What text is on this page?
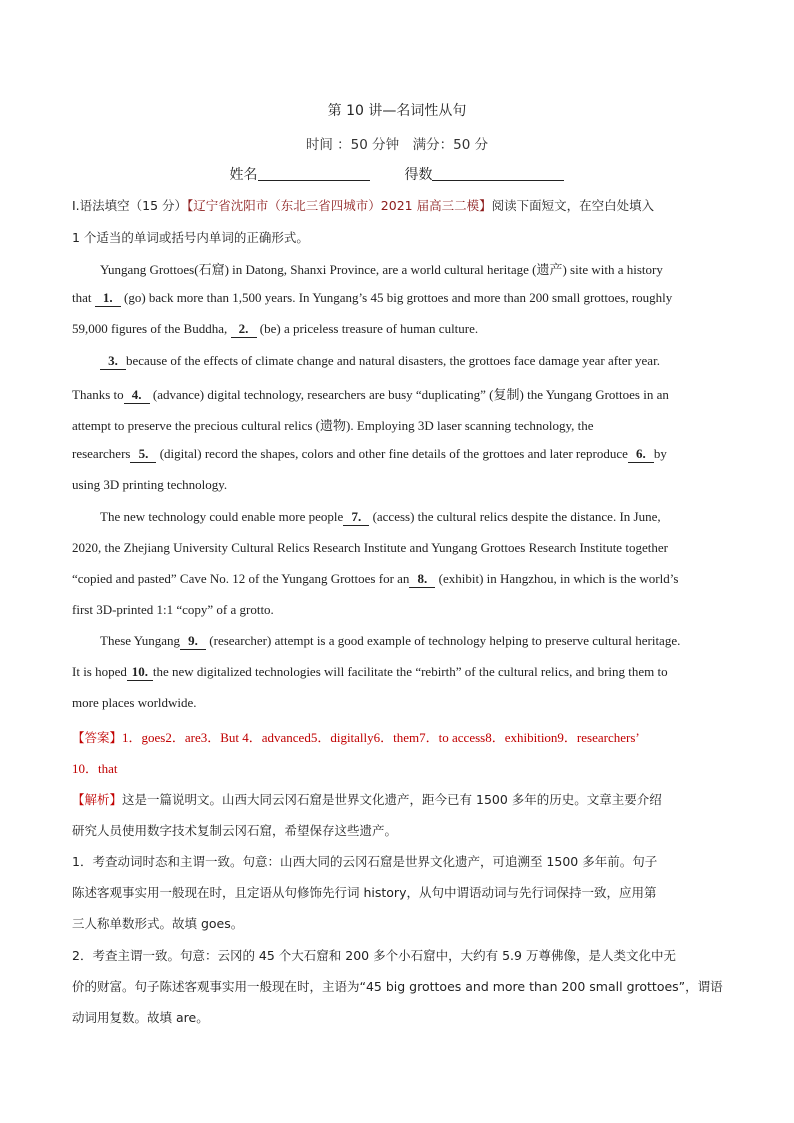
第 10 讲—名词性从句
时间 ：50 分钟　满分：50 分
姓名	得数
I.语法填空（15 分）【辽宁省沈阳市（东北三省四城市）2021 届高三二模】阅读下面短文，在空白处填入
1 个适当的单词或括号内单词的正确形式。
Yungang Grottoes(石窟) in Datong, Shanxi Province, are a world cultural heritage (遗产) site with a history
that 1. (go) back more than 1,500 years. In Yungang’s 45 big grottoes and more than 200 small grottoes, roughly
59,000 figures of the Buddha, 2. (be) a priceless treasure of human culture.
3. because of the effects of climate change and natural disasters, the grottoes face damage year after year.
Thanks to 4. (advance) digital technology, researchers are busy “duplicating” (复制) the Yungang Grottoes in an
attempt to preserve the precious cultural relics (遗物). Employing 3D laser scanning technology, the
researchers 5. (digital) record the shapes, colors and other fine details of the grottoes and later reproduce 6. by
using 3D printing technology.
The new technology could enable more people 7. (access) the cultural relics despite the distance. In June,
2020, the Zhejiang University Cultural Relics Research Institute and Yungang Grottoes Research Institute together
“copied and pasted” Cave No. 12 of the Yungang Grottoes for an 8. (exhibit) in Hangzhou, in which is the world’s
first 3D-printed 1:1 “copy” of a grotto.
These Yungang 9. (researcher) attempt is a good example of technology helping to preserve cultural heritage.
It is hoped 10. the new digitalized technologies will facilitate the “rebirth” of the cultural relics, and bring them to
more places worldwide.
【答案】1．goes2．are3．But 4．advanced5．digitally6．them7．to access8．exhibition9．researchers’
10．that
【解析】这是一篇说明文。山西大同云冈石窟是世界文化遗产，距今已有 1500 多年的历史。文章主要介绍
研究人员使用数字技术复制云冈石窟，希望保存这些遗产。
1．考查动词时态和主谓一致。句意：山西大同的云冈石窟是世界文化遗产，可追溯至 1500 多年前。句子
陈述客观事实用一般现在时，且定语从句修饰先行词 history，从句中谓语动词与先行词保持一致，应用第
三人称单数形式。故填 goes。
2．考查主谓一致。句意：云冈的 45 个大石窟和 200 多个小石窟中，大约有 5.9 万尊佛像，是人类文化中无
价的财富。句子陈述客观事实用一般现在时，主语为“45 big grottoes and more than 200 small grottoes”，谓语
动词用复数。故填 are。
